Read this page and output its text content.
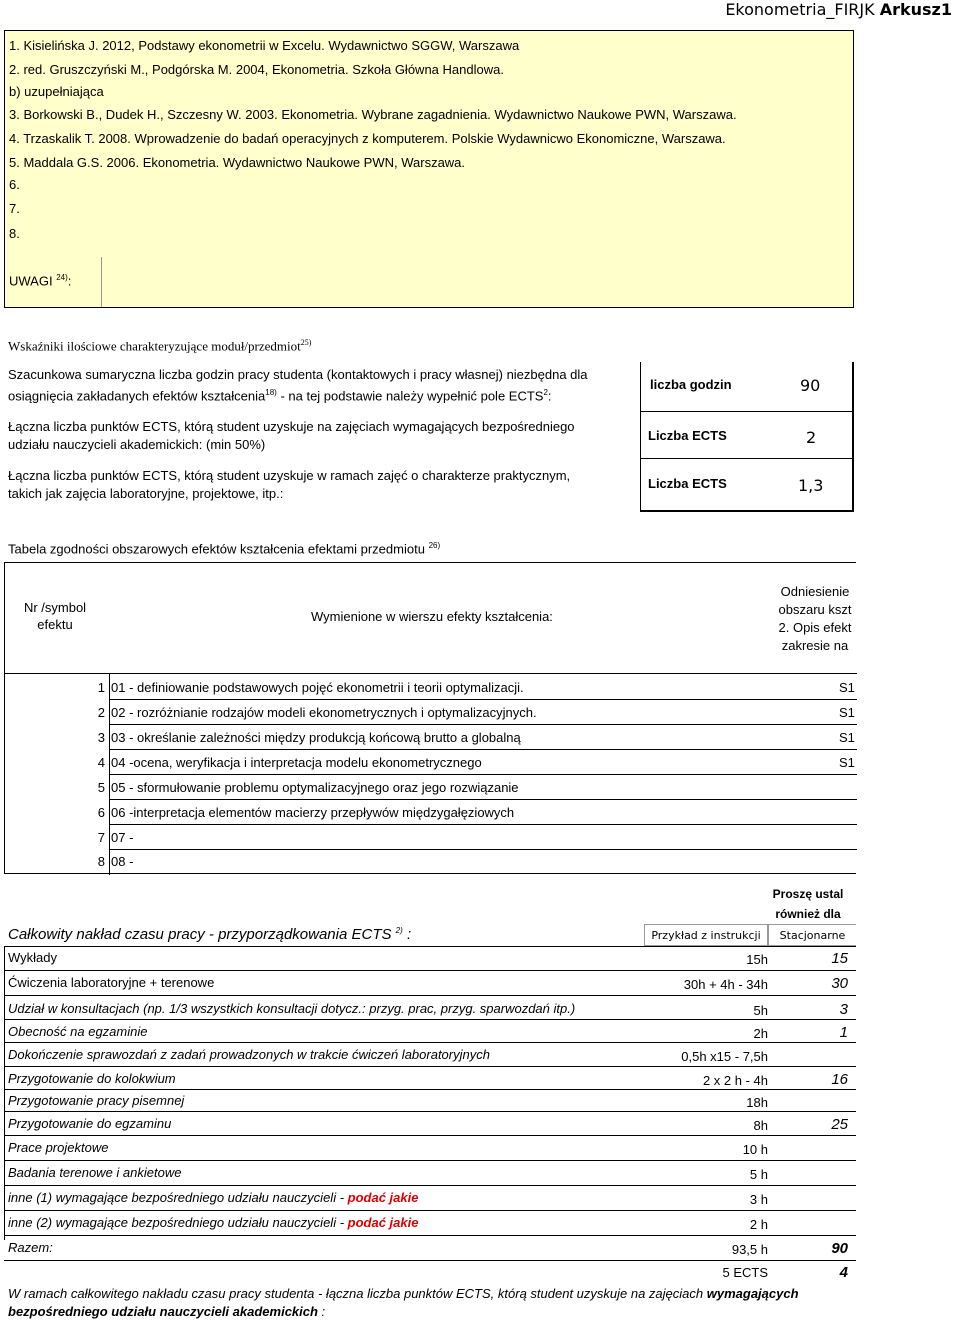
Ekonometria_FIRJK Arkusz1
1. Kisielińska J. 2012, Podstawy ekonometrii w Excelu. Wydawnictwo SGGW, Warszawa
2. red. Gruszczyński M., Podgórska M. 2004, Ekonometria. Szkoła Główna Handlowa.
b) uzupełniająca
3. Borkowski B., Dudek H., Szczesny W. 2003. Ekonometria. Wybrane zagadnienia. Wydawnictwo Naukowe PWN, Warszawa.
4. Trzaskalik T. 2008. Wprowadzenie do badań operacyjnych z komputerem. Polskie Wydawnicwo Ekonomiczne, Warszawa.
5. Maddala G.S. 2006. Ekonometria. Wydawnictwo Naukowe PWN, Warszawa.
6.
7.
8.
UWAGI $^{24)}$:
Wskaźniki ilościowe charakteryzujące moduł/przedmiot$^{25)}$
Szacunkowa sumaryczna liczba godzin pracy studenta (kontaktowych i pracy własnej) niezbędna dla
osiągnięcia zakładanych efektów kształcenia$^{18)}$ - na tej podstawie należy wypełnić pole ECTS$^2$:
Łączna liczba punktów ECTS, którą student uzyskuje na zajęciach wymagających bezpośredniego
udziału nauczycieli akademickich: (min 50%)
Łączna liczba punktów ECTS, którą student uzyskuje w ramach zajęć o charakterze praktycznym,
takich jak zajęcia laboratoryjne, projektowe, itp.:
liczba godzin	90
Liczba ECTS	2
Liczba ECTS	1,3
Tabela zgodności obszarowych efektów kształcenia efektami przedmiotu $^{26)}$
Nr /symbol
efektu
Wymienione w wierszu efekty kształcenia:
Odniesienie
obszaru kszt
2. Opis efekt
zakresie na
1 01 - definiowanie podstawowych pojęć ekonometrii i teorii optymalizacji.	S1
2 02 - rozróżnianie rodzajów modeli ekonometrycznych i optymalizacyjnych.	S1
3 03 - określanie zależności między produkcją końcową brutto a globalną	S1
4 04 -ocena, weryfikacja i interpretacja modelu ekonometrycznego	S1
5 05 - sformułowanie problemu optymalizacyjnego oraz jego rozwiązanie
6 06 -interpretacja elementów macierzy przepływów międzygałęziowych
7 07 -
8 08 -
Proszę ustal
również dla
Całkowity nakład czasu pracy - przyporządkowania ECTS $^{2)}$ :	Przykład z instrukcji	Stacjonarne
Wykłady	15h	15
Ćwiczenia laboratoryjne + terenowe	30h + 4h - 34h	30
Udział w konsultacjach (np. 1/3 wszystkich konsultacji dotycz.: przyg. prac, przyg. sparwozdań itp.)	5h	3
Obecność na egzaminie	2h	1
Dokończenie sprawozdań z zadań prowadzonych w trakcie ćwiczeń laboratoryjnych	0,5h x15 - 7,5h
Przygotowanie do kolokwium	2 x 2 h - 4h	16
Przygotowanie pracy pisemnej	18h
Przygotowanie do egzaminu	8h	25
Prace projektowe	10 h
Badania terenowe i ankietowe	5 h
inne (1) wymagające bezpośredniego udziału nauczycieli - podać jakie	3 h
inne (2) wymagające bezpośredniego udziału nauczycieli - podać jakie	2 h
Razem:	93,5 h	90
5 ECTS	4
W ramach całkowitego nakładu czasu pracy studenta - łączna liczba punktów ECTS, którą student uzyskuje na zajęciach wymagających
bezpośredniego udziału nauczycieli akademickich :
